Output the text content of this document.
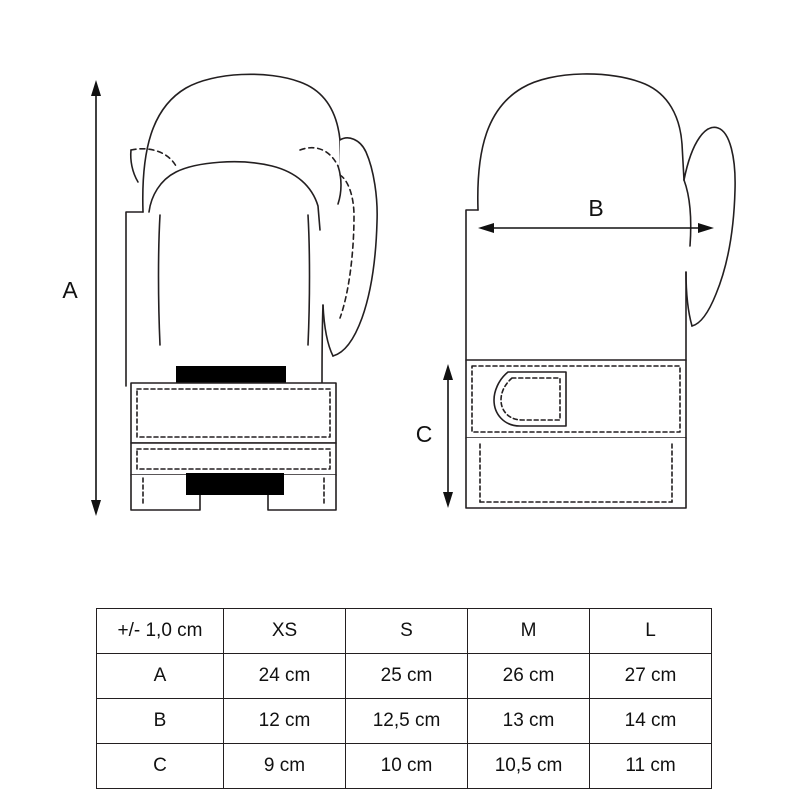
A
B
C
+/- 1,0 cm	XS	S	M	L
A	24 cm	25 cm	26 cm	27 cm
B	12 cm	12,5 cm	13 cm	14 cm
C	9 cm	10 cm	10,5 cm	11 cm
